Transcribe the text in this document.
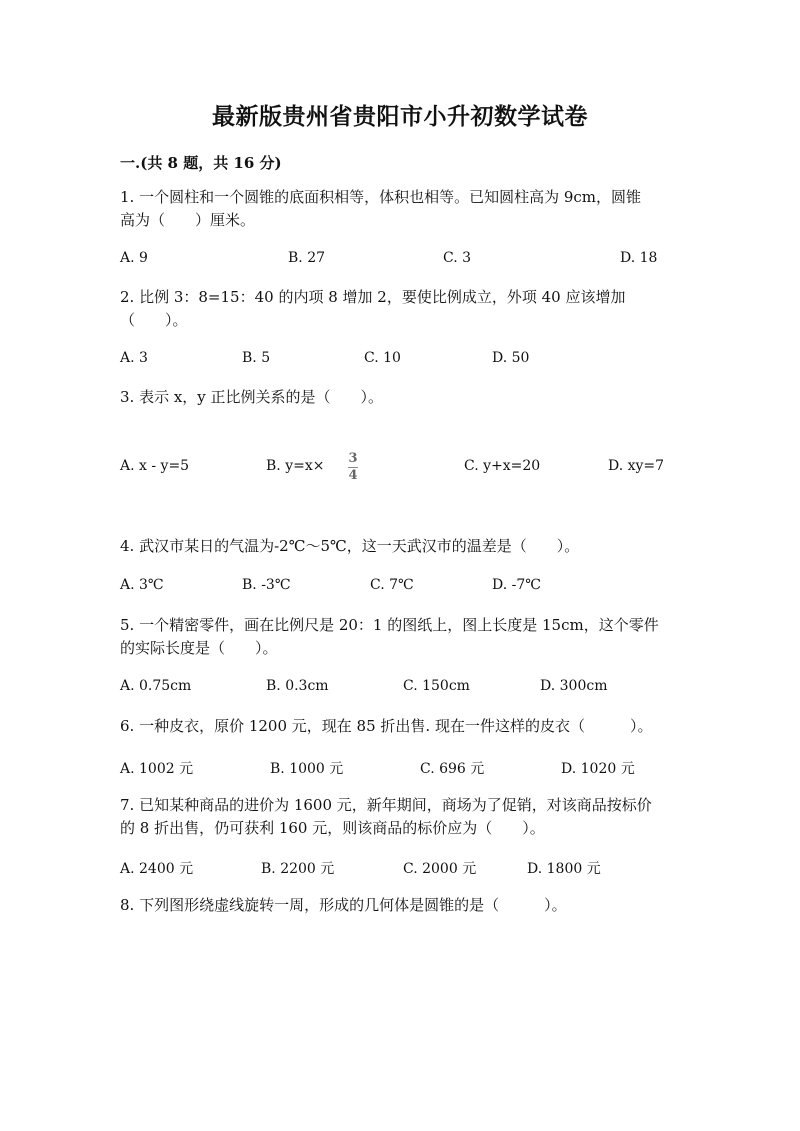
最新版贵州省贵阳市小升初数学试卷
一.(共 8 题，共 16 分)
1. 一个圆柱和一个圆锥的底面积相等，体积也相等。已知圆柱高为 9cm，圆锥
高为（　　）厘米。
A. 9	B. 27	C. 3	D. 18
2. 比例 3：8=15：40 的内项 8 增加 2，要使比例成立，外项 40 应该增加
（　　）。
A. 3	B. 5	C. 10	D. 50
3. 表示 x，y 正比例关系的是（　　）。
A. x - y=5	B. y=x× 3
4
C. y+x=20	D. xy=7
4. 武汉市某日的气温为-2℃～5℃，这一天武汉市的温差是（　　）。
A. 3℃	B. -3℃	C. 7℃	D. -7℃
5. 一个精密零件，画在比例尺是 20：1 的图纸上，图上长度是 15cm，这个零件
的实际长度是（　　）。
A. 0.75cm	B. 0.3cm	C. 150cm	D. 300cm
6. 一种皮衣，原价 1200 元，现在 85 折出售. 现在一件这样的皮衣（　　　）。
A. 1002 元	B. 1000 元	C. 696 元	D. 1020 元
7. 已知某种商品的进价为 1600 元，新年期间，商场为了促销，对该商品按标价
的 8 折出售，仍可获利 160 元，则该商品的标价应为（　　）。
A. 2400 元	B. 2200 元	C. 2000 元	D. 1800 元
8. 下列图形绕虚线旋转一周，形成的几何体是圆锥的是（　　　）。
